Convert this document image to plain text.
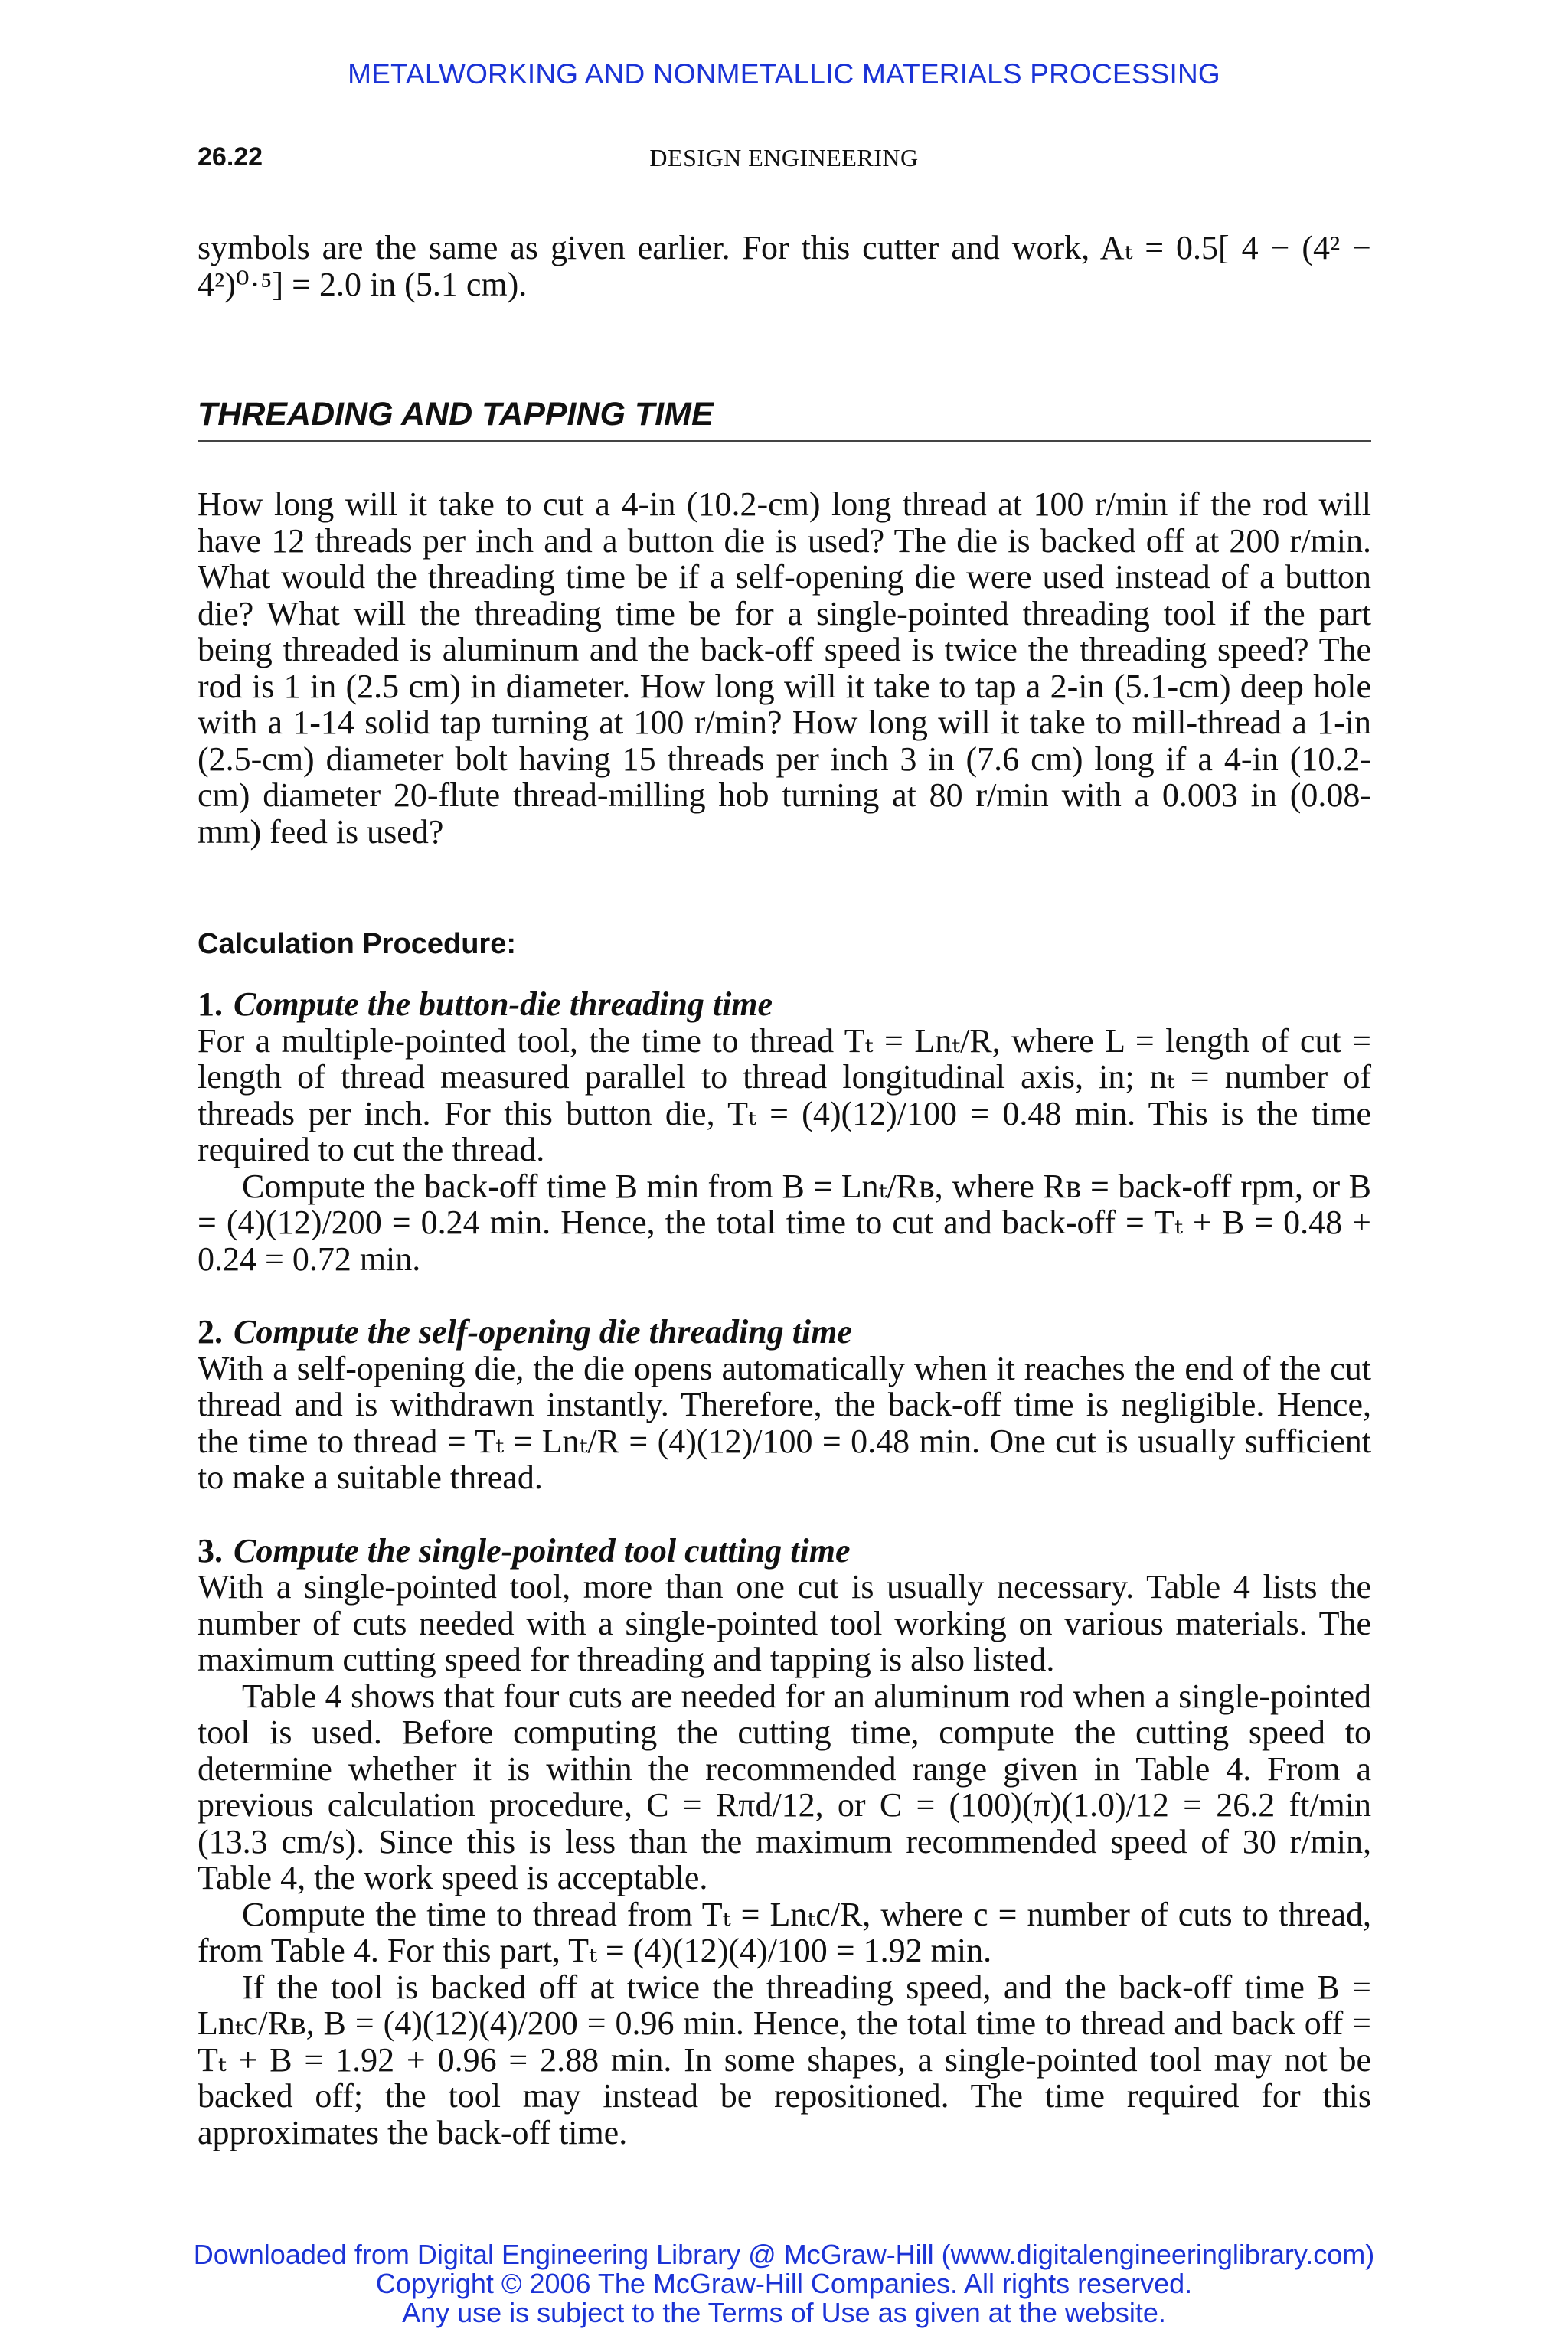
METALWORKING AND NONMETALLIC MATERIALS PROCESSING
26.22	DESIGN ENGINEERING

symbols are the same as given earlier. For this cutter and work, Aₜ = 0.5[ 4 − (4² − 4²)⁰·⁵] = 2.0 in (5.1 cm).

THREADING AND TAPPING TIME

How long will it take to cut a 4-in (10.2-cm) long thread at 100 r/min if the rod will have 12 threads per inch and a button die is used? The die is backed off at 200 r/min. What would the threading time be if a self-opening die were used instead of a button die? What will the threading time be for a single-pointed threading tool if the part being threaded is aluminum and the back-off speed is twice the threading speed? The rod is 1 in (2.5 cm) in diameter. How long will it take to tap a 2-in (5.1-cm) deep hole with a 1-14 solid tap turning at 100 r/min? How long will it take to mill-thread a 1-in (2.5-cm) diameter bolt having 15 threads per inch 3 in (7.6 cm) long if a 4-in (10.2-cm) diameter 20-flute thread-milling hob turning at 80 r/min with a 0.003 in (0.08-mm) feed is used?

Calculation Procedure:
1. Compute the button-die threading time

For a multiple-pointed tool, the time to thread Tₜ = Lnₜ/R, where L = length of cut = length of thread measured parallel to thread longitudinal axis, in; nₜ = number of threads per inch. For this button die, Tₜ = (4)(12)/100 = 0.48 min. This is the time required to cut the thread.

Compute the back-off time B min from B = Lnₜ/Rʙ, where Rʙ = back-off rpm, or B = (4)(12)/200 = 0.24 min. Hence, the total time to cut and back-off = Tₜ + B = 0.48 + 0.24 = 0.72 min.

2. Compute the self-opening die threading time

With a self-opening die, the die opens automatically when it reaches the end of the cut thread and is withdrawn instantly. Therefore, the back-off time is negligible. Hence, the time to thread = Tₜ = Lnₜ/R = (4)(12)/100 = 0.48 min. One cut is usually sufficient to make a suitable thread.

3. Compute the single-pointed tool cutting time

With a single-pointed tool, more than one cut is usually necessary. Table 4 lists the number of cuts needed with a single-pointed tool working on various materials. The maximum cutting speed for threading and tapping is also listed.

Table 4 shows that four cuts are needed for an aluminum rod when a single-pointed tool is used. Before computing the cutting time, compute the cutting speed to determine whether it is within the recommended range given in Table 4. From a previous calculation procedure, C = Rπd/12, or C = (100)(π)(1.0)/12 = 26.2 ft/min (13.3 cm/s). Since this is less than the maximum recommended speed of 30 r/min, Table 4, the work speed is acceptable.

Compute the time to thread from Tₜ = Lnₜc/R, where c = number of cuts to thread, from Table 4. For this part, Tₜ = (4)(12)(4)/100 = 1.92 min.

If the tool is backed off at twice the threading speed, and the back-off time B = Lnₜc/Rʙ, B = (4)(12)(4)/200 = 0.96 min. Hence, the total time to thread and back off = Tₜ + B = 1.92 + 0.96 = 2.88 min. In some shapes, a single-pointed tool may not be backed off; the tool may instead be repositioned. The time required for this approximates the back-off time.

Downloaded from Digital Engineering Library @ McGraw-Hill (www.digitalengineeringlibrary.com)
Copyright © 2006 The McGraw-Hill Companies. All rights reserved.
Any use is subject to the Terms of Use as given at the website.
